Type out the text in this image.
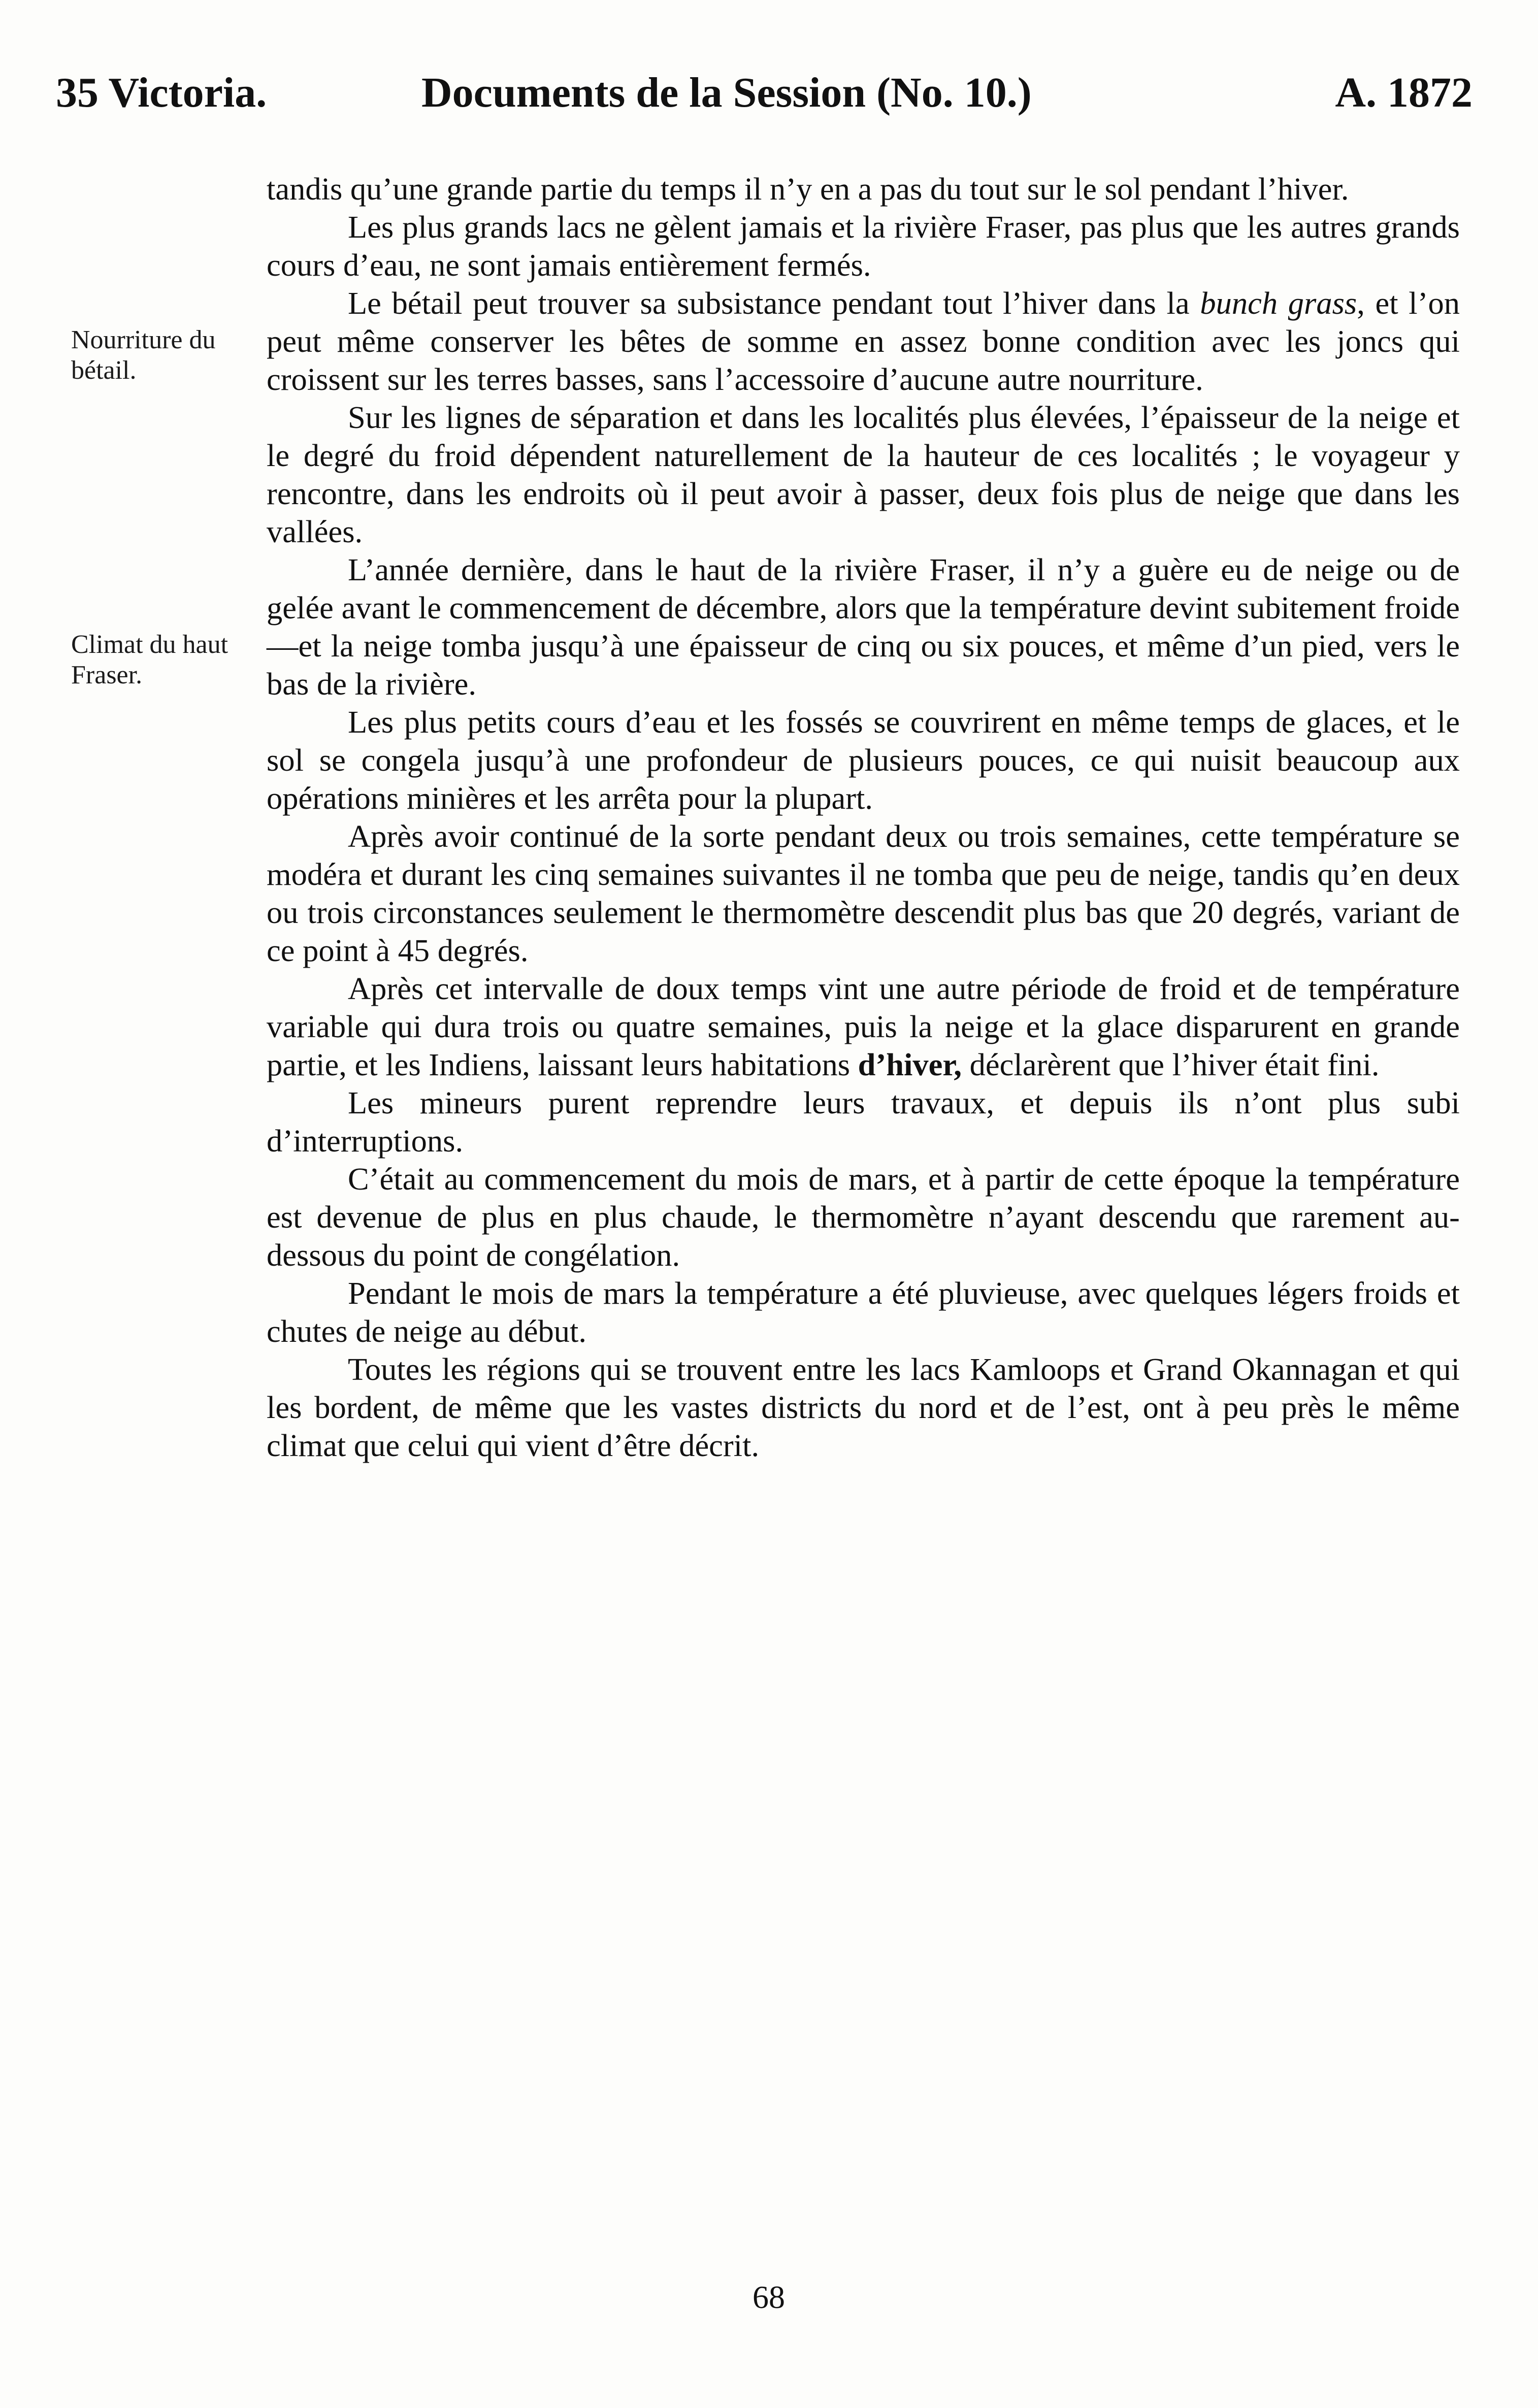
35 Victoria.	Documents de la Session (No. 10.)	A. 1872
Nourriture du bétail.
Climat du haut Fraser.

tandis qu’une grande partie du temps il n’y en a pas du tout sur le sol pendant l’hiver.

Les plus grands lacs ne gèlent jamais et la rivière Fraser, pas plus que les autres grands cours d’eau, ne sont jamais entièrement fermés.

Le bétail peut trouver sa subsistance pendant tout l’hiver dans la bunch grass, et l’on peut même conserver les bêtes de somme en assez bonne condition avec les joncs qui croissent sur les terres basses, sans l’accessoire d’aucune autre nourriture.

Sur les lignes de séparation et dans les localités plus élevées, l’épaisseur de la neige et le degré du froid dépendent naturellement de la hauteur de ces localités ; le voyageur y rencontre, dans les endroits où il peut avoir à passer, deux fois plus de neige que dans les vallées.

L’année dernière, dans le haut de la rivière Fraser, il n’y a guère eu de neige ou de gelée avant le commencement de décembre, alors que la température devint subitement froide—et la neige tomba jusqu’à une épaisseur de cinq ou six pouces, et même d’un pied, vers le bas de la rivière.

Les plus petits cours d’eau et les fossés se couvrirent en même temps de glaces, et le sol se congela jusqu’à une profondeur de plusieurs pouces, ce qui nuisit beaucoup aux opérations minières et les arrêta pour la plupart.

Après avoir continué de la sorte pendant deux ou trois semaines, cette température se modéra et durant les cinq semaines suivantes il ne tomba que peu de neige, tandis qu’en deux ou trois circonstances seulement le thermomètre descendit plus bas que 20 degrés, variant de ce point à 45 degrés.

Après cet intervalle de doux temps vint une autre période de froid et de température variable qui dura trois ou quatre semaines, puis la neige et la glace disparurent en grande partie, et les Indiens, laissant leurs habitations d’hiver, déclarèrent que l’hiver était fini.

Les mineurs purent reprendre leurs travaux, et depuis ils n’ont plus subi d’interruptions.

C’était au commencement du mois de mars, et à partir de cette époque la température est devenue de plus en plus chaude, le thermomètre n’ayant descendu que rarement au-dessous du point de congélation.

Pendant le mois de mars la température a été pluvieuse, avec quelques légers froids et chutes de neige au début.

Toutes les régions qui se trouvent entre les lacs Kamloops et Grand Okannagan et qui les bordent, de même que les vastes districts du nord et de l’est, ont à peu près le même climat que celui qui vient d’être décrit.

68
